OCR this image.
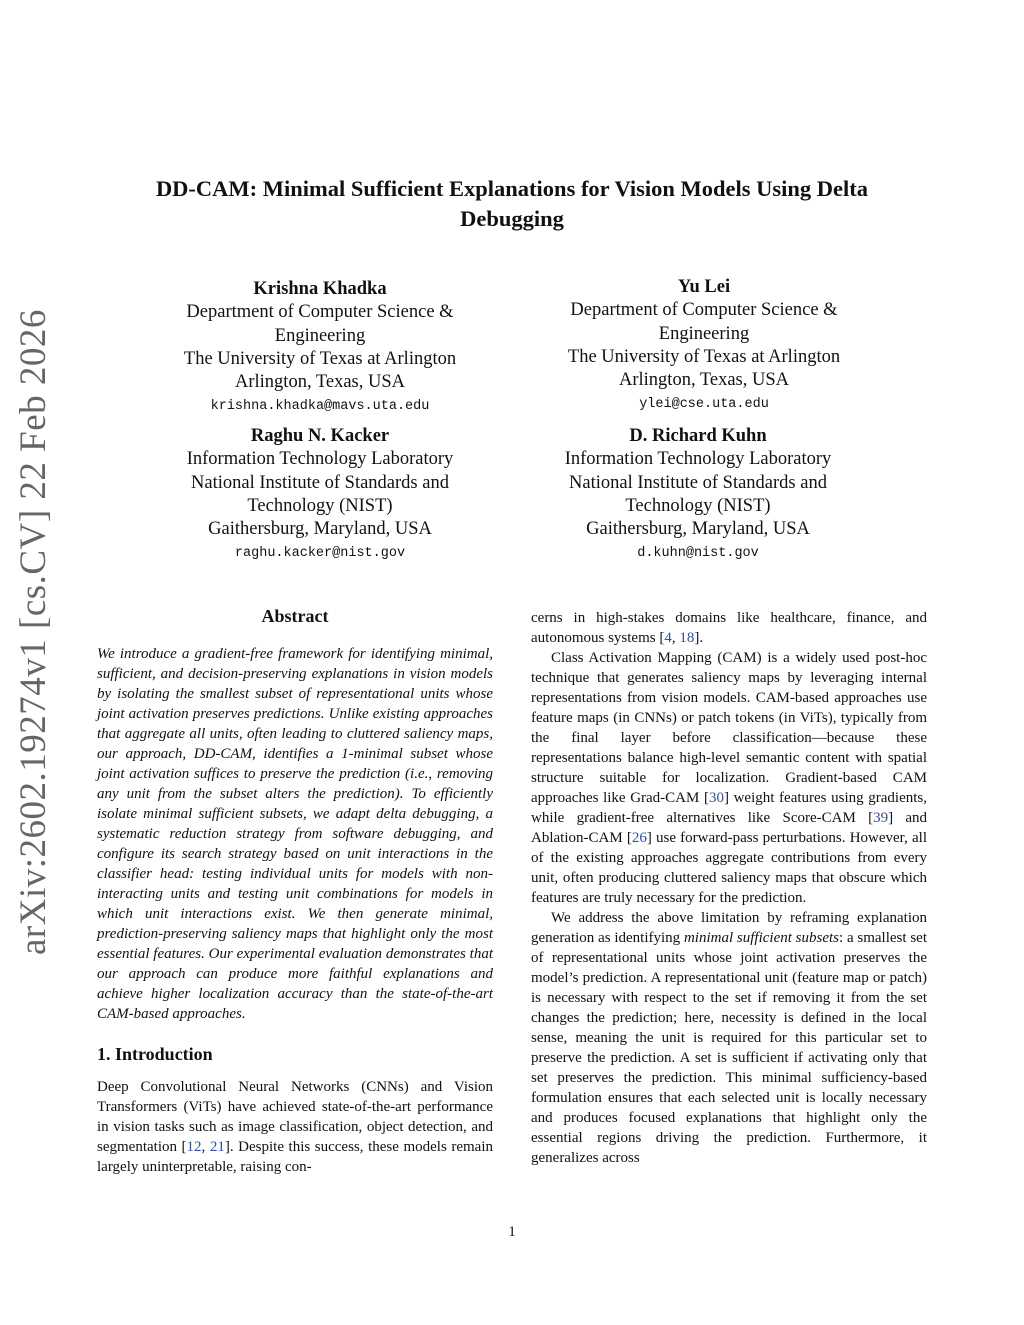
arXiv:2602.19274v1 [cs.CV] 22 Feb 2026
DD-CAM: Minimal Sufficient Explanations for Vision Models Using Delta
Debugging
Krishna Khadka
Department of Computer Science &
Engineering
The University of Texas at Arlington
Arlington, Texas, USA
krishna.khadka@mavs.uta.edu
Yu Lei
Department of Computer Science &
Engineering
The University of Texas at Arlington
Arlington, Texas, USA
ylei@cse.uta.edu
Raghu N. Kacker
Information Technology Laboratory
National Institute of Standards and
Technology (NIST)
Gaithersburg, Maryland, USA
raghu.kacker@nist.gov
D. Richard Kuhn
Information Technology Laboratory
National Institute of Standards and
Technology (NIST)
Gaithersburg, Maryland, USA
d.kuhn@nist.gov
Abstract

We introduce a gradient-free framework for identifying minimal, sufficient, and decision-preserving explanations in vision models by isolating the smallest subset of representational units whose joint activation preserves predictions. Unlike existing approaches that aggregate all units, often leading to cluttered saliency maps, our approach, DD-CAM, identifies a 1-minimal subset whose joint activation suffices to preserve the prediction (i.e., removing any unit from the subset alters the prediction). To efficiently isolate minimal sufficient subsets, we adapt delta debugging, a systematic reduction strategy from software debugging, and configure its search strategy based on unit interactions in the classifier head: testing individual units for models with non-interacting units and testing unit combinations for models in which unit interactions exist. We then generate minimal, prediction-preserving saliency maps that highlight only the most essential features. Our experimental evaluation demonstrates that our approach can produce more faithful explanations and achieve higher localization accuracy than the state-of-the-art CAM-based approaches.

1. Introduction

Deep Convolutional Neural Networks (CNNs) and Vision Transformers (ViTs) have achieved state-of-the-art performance in vision tasks such as image classification, object detection, and segmentation [12, 21]. Despite this success, these models remain largely uninterpretable, raising con-

cerns in high-stakes domains like healthcare, finance, and autonomous systems [4, 18].

Class Activation Mapping (CAM) is a widely used post-hoc technique that generates saliency maps by leveraging internal representations from vision models. CAM-based approaches use feature maps (in CNNs) or patch tokens (in ViTs), typically from the final layer before classification—because these representations balance high-level semantic content with spatial structure suitable for localization. Gradient-based CAM approaches like Grad-CAM [30] weight features using gradients, while gradient-free alternatives like Score-CAM [39] and Ablation-CAM [26] use forward-pass perturbations. However, all of the existing approaches aggregate contributions from every unit, often producing cluttered saliency maps that obscure which features are truly necessary for the prediction.

We address the above limitation by reframing explanation generation as identifying minimal sufficient subsets: a smallest set of representational units whose joint activation preserves the model’s prediction. A representational unit (feature map or patch) is necessary with respect to the set if removing it from the set changes the prediction; here, necessity is defined in the local sense, meaning the unit is required for this particular set to preserve the prediction. A set is sufficient if activating only that set preserves the prediction. This minimal sufficiency-based formulation ensures that each selected unit is locally necessary and produces focused explanations that highlight only the essential regions driving the prediction. Furthermore, it generalizes across

1
